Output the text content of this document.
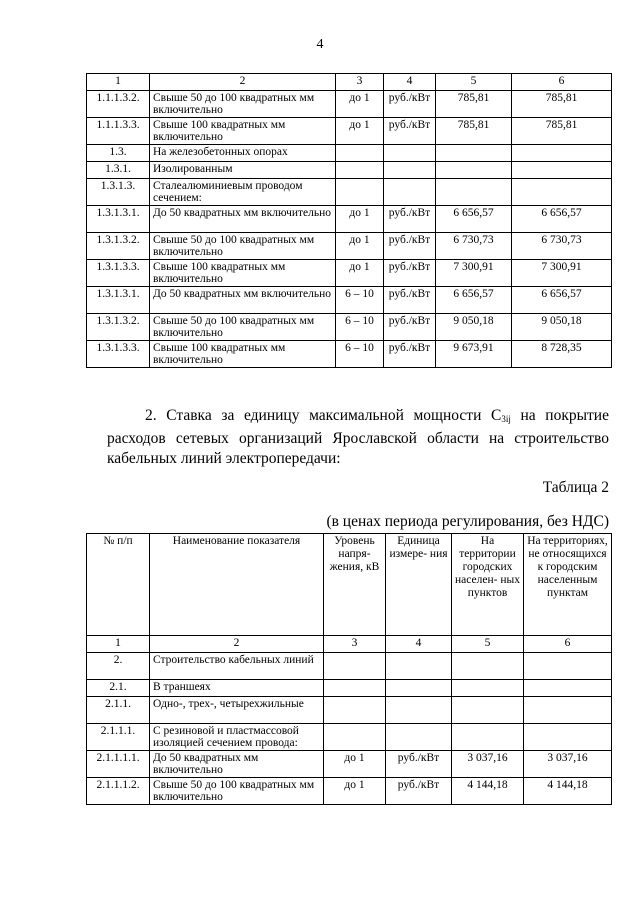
4
1	2	3	4	5	6
1.1.1.3.2.	Свыше 50 до 100 квадратных мм включительно	до 1	руб./кВт	785,81	785,81
1.1.1.3.3.	Свыше 100 квадратных мм включительно	до 1	руб./кВт	785,81	785,81
1.3.	На железобетонных опорах				
1.3.1.	Изолированным				
1.3.1.3.	Сталеалюминиевым проводом сечением:				
1.3.1.3.1.	До 50 квадратных мм включительно	до 1	руб./кВт	6 656,57	6 656,57
1.3.1.3.2.	Свыше 50 до 100 квадратных мм включительно	до 1	руб./кВт	6 730,73	6 730,73
1.3.1.3.3.	Свыше 100 квадратных мм включительно	до 1	руб./кВт	7 300,91	7 300,91
1.3.1.3.1.	До 50 квадратных мм включительно	6 – 10	руб./кВт	6 656,57	6 656,57
1.3.1.3.2.	Свыше 50 до 100 квадратных мм включительно	6 – 10	руб./кВт	9 050,18	9 050,18
1.3.1.3.3.	Свыше 100 квадратных мм включительно	6 – 10	руб./кВт	9 673,91	8 728,35

2. Ставка за единицу максимальной мощности $С_{3ij}$ на покрытие расходов сетевых организаций Ярославской области на строительство кабельных линий электропередачи:

Таблица 2
(в ценах периода регулирования, без НДС)
№ п/п	Наименование показателя	Уровень напря- жения, кВ	Единица измере- ния	На территории городских населен- ных пунктов	На территориях, не относящихся к городским населенным пунктам
1	2	3	4	5	6
2.	Строительство кабельных линий				
2.1.	В траншеях				
2.1.1.	Одно-, трех-, четырехжильные				
2.1.1.1.	С резиновой и пластмассовой изоляцией сечением провода:				
2.1.1.1.1.	До 50 квадратных мм включительно	до 1	руб./кВт	3 037,16	3 037,16
2.1.1.1.2.	Свыше 50 до 100 квадратных мм включительно	до 1	руб./кВт	4 144,18	4 144,18
